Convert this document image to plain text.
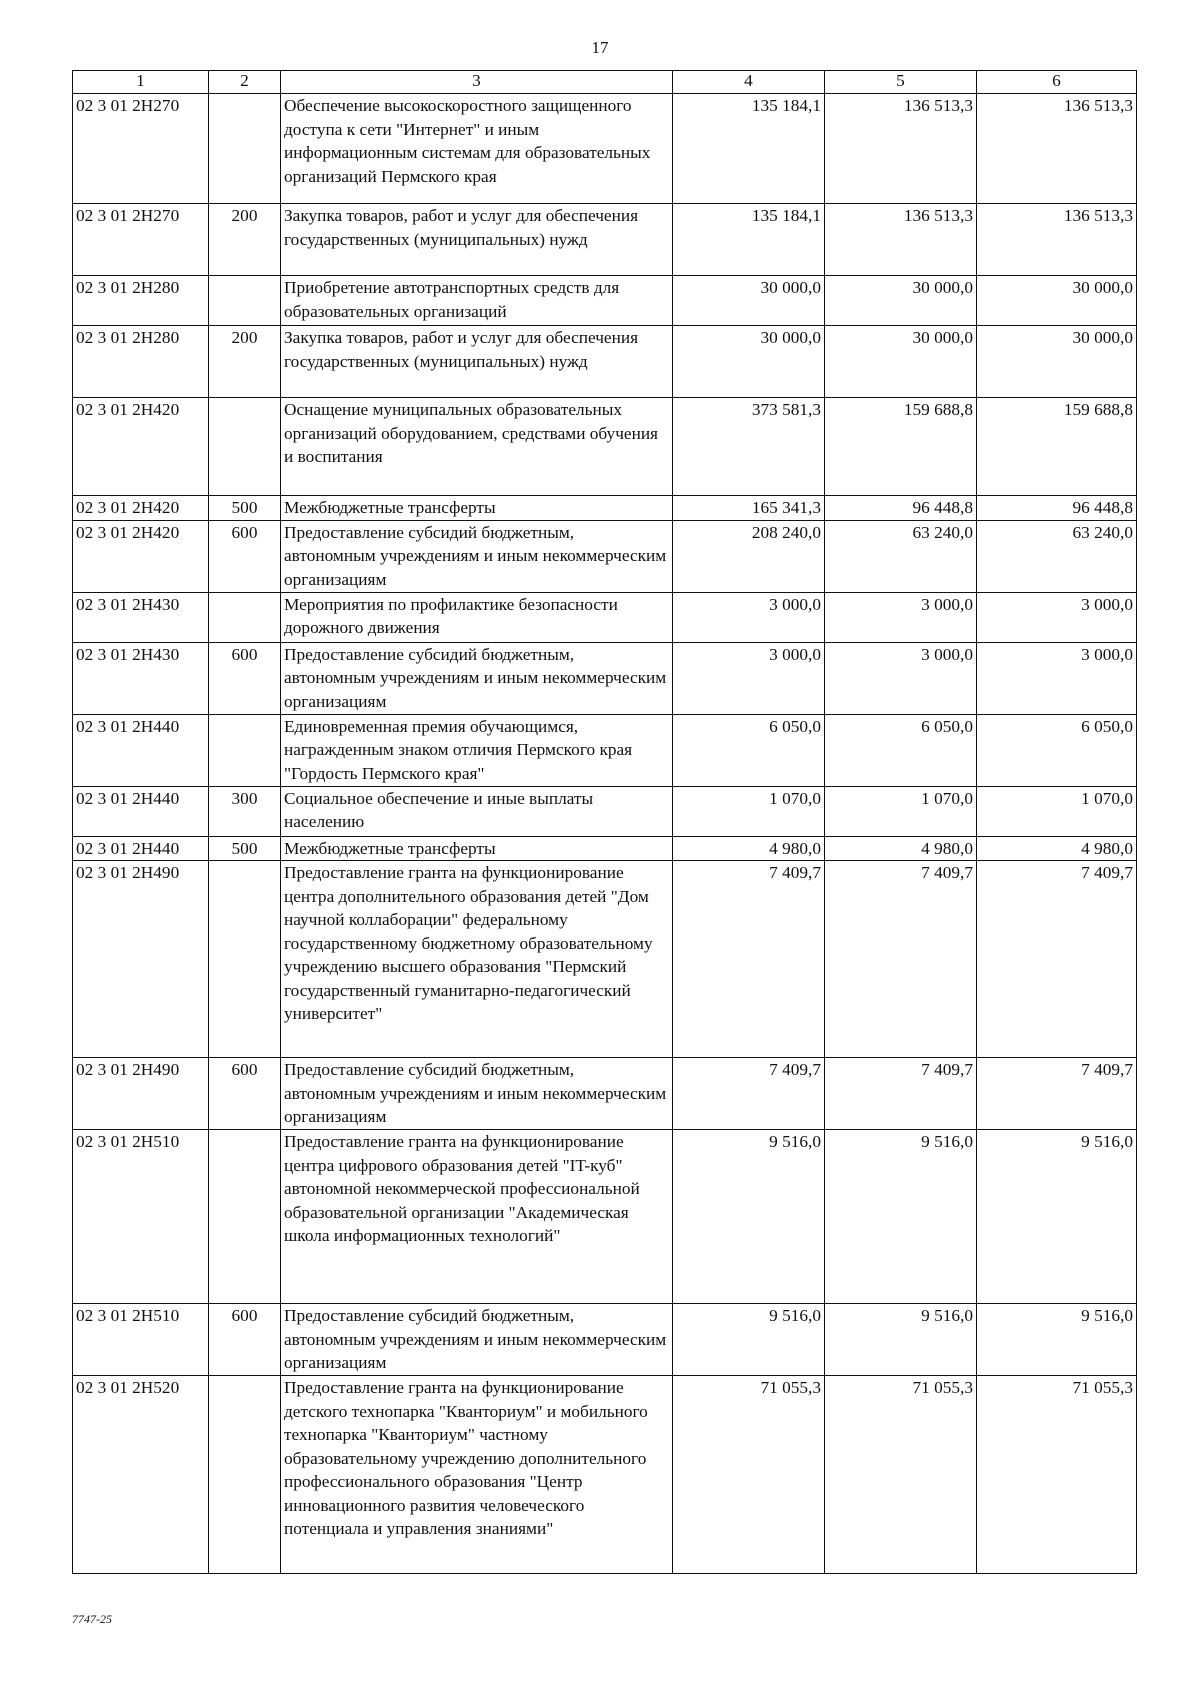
17
1	2	3	4	5	6
02 3 01 2Н270		Обеспечение высокоскоростного защищенного доступа к сети "Интернет" и иным информационным системам для образовательных организаций Пермского края	135 184,1	136 513,3	136 513,3
02 3 01 2Н270	200	Закупка товаров, работ и услуг для обеспечения государственных (муниципальных) нужд	135 184,1	136 513,3	136 513,3
02 3 01 2Н280		Приобретение автотранспортных средств для образовательных организаций	30 000,0	30 000,0	30 000,0
02 3 01 2Н280	200	Закупка товаров, работ и услуг для обеспечения государственных (муниципальных) нужд	30 000,0	30 000,0	30 000,0
02 3 01 2Н420		Оснащение муниципальных образовательных организаций оборудованием, средствами обучения и воспитания	373 581,3	159 688,8	159 688,8
02 3 01 2Н420	500	Межбюджетные трансферты	165 341,3	96 448,8	96 448,8
02 3 01 2Н420	600	Предоставление субсидий бюджетным, автономным учреждениям и иным некоммерческим организациям	208 240,0	63 240,0	63 240,0
02 3 01 2Н430		Мероприятия по профилактике безопасности дорожного движения	3 000,0	3 000,0	3 000,0
02 3 01 2Н430	600	Предоставление субсидий бюджетным, автономным учреждениям и иным некоммерческим организациям	3 000,0	3 000,0	3 000,0
02 3 01 2Н440		Единовременная премия обучающимся, награжденным знаком отличия Пермского края "Гордость Пермского края"	6 050,0	6 050,0	6 050,0
02 3 01 2Н440	300	Социальное обеспечение и иные выплаты населению	1 070,0	1 070,0	1 070,0
02 3 01 2Н440	500	Межбюджетные трансферты	4 980,0	4 980,0	4 980,0
02 3 01 2Н490		Предоставление гранта на функционирование центра дополнительного образования детей "Дом научной коллаборации" федеральному государственному бюджетному образовательному учреждению высшего образования "Пермский государственный гуманитарно-педагогический университет"	7 409,7	7 409,7	7 409,7
02 3 01 2Н490	600	Предоставление субсидий бюджетным, автономным учреждениям и иным некоммерческим организациям	7 409,7	7 409,7	7 409,7
02 3 01 2Н510		Предоставление гранта на функционирование центра цифрового образования детей "IT-куб" автономной некоммерческой профессиональной образовательной организации "Академическая школа информационных технологий"	9 516,0	9 516,0	9 516,0
02 3 01 2Н510	600	Предоставление субсидий бюджетным, автономным учреждениям и иным некоммерческим организациям	9 516,0	9 516,0	9 516,0
02 3 01 2Н520		Предоставление гранта на функционирование детского технопарка "Кванториум" и мобильного технопарка "Кванториум" частному образовательному учреждению дополнительного профессионального образования "Центр инновационного развития человеческого потенциала и управления знаниями"	71 055,3	71 055,3	71 055,3
7747-25
